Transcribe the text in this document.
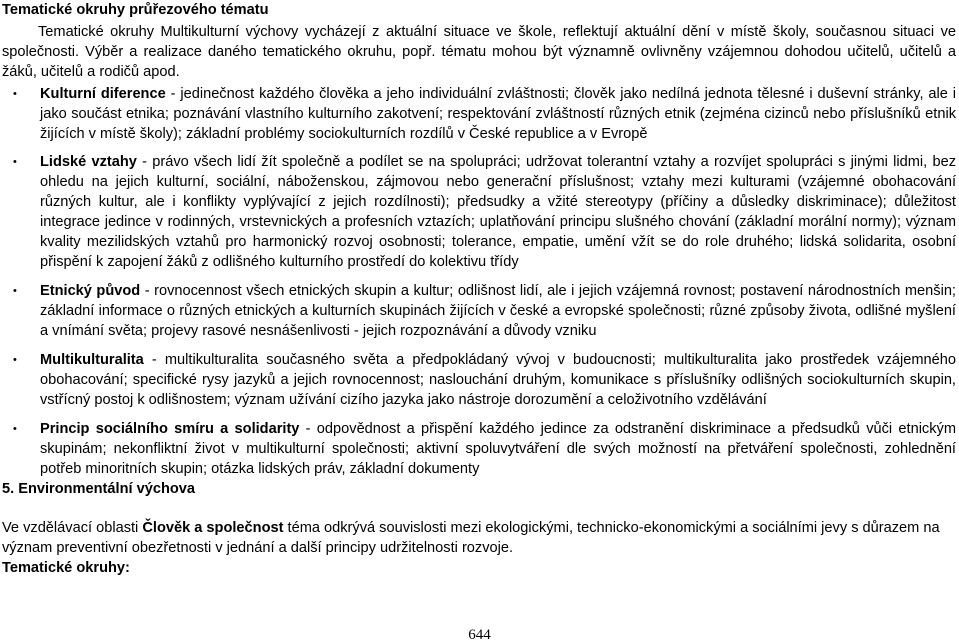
Tematické okruhy průřezového tématu

Tematické okruhy Multikulturní výchovy vycházejí z aktuální situace ve škole, reflektují aktuální dění v místě školy, současnou situaci ve společnosti. Výběr a realizace daného tematického okruhu, popř. tématu mohou být významně ovlivněny vzájemnou dohodou učitelů, učitelů a žáků, učitelů a rodičů apod.

• Kulturní diference - jedinečnost každého člověka a jeho individuální zvláštnosti; člověk jako nedílná jednota tělesné i duševní stránky, ale i jako součást etnika; poznávání vlastního kulturního zakotvení; respektování zvláštností různých etnik (zejména cizinců nebo příslušníků etnik žijících v místě školy); základní problémy sociokulturních rozdílů v České republice a v Evropě
• Lidské vztahy - právo všech lidí žít společně a podílet se na spolupráci; udržovat tolerantní vztahy a rozvíjet spolupráci s jinými lidmi, bez ohledu na jejich kulturní, sociální, náboženskou, zájmovou nebo generační příslušnost; vztahy mezi kulturami (vzájemné obohacování různých kultur, ale i konflikty vyplývající z jejich rozdílnosti); předsudky a vžité stereotypy (příčiny a důsledky diskriminace); důležitost integrace jedince v rodinných, vrstevnických a profesních vztazích; uplatňování principu slušného chování (základní morální normy); význam kvality mezilidských vztahů pro harmonický rozvoj osobnosti; tolerance, empatie, umění vžít se do role druhého; lidská solidarita, osobní přispění k zapojení žáků z odlišného kulturního prostředí do kolektivu třídy
• Etnický původ - rovnocennost všech etnických skupin a kultur; odlišnost lidí, ale i jejich vzájemná rovnost; postavení národnostních menšin; základní informace o různých etnických a kulturních skupinách žijících v české a evropské společnosti; různé způsoby života, odlišné myšlení a vnímání světa; projevy rasové nesnášenlivosti - jejich rozpoznávání a důvody vzniku
• Multikulturalita - multikulturalita současného světa a předpokládaný vývoj v budoucnosti; multikulturalita jako prostředek vzájemného obohacování; specifické rysy jazyků a jejich rovnocennost; naslouchání druhým, komunikace s příslušníky odlišných sociokulturních skupin, vstřícný postoj k odlišnostem; význam užívání cizího jazyka jako nástroje dorozumění a celoživotního vzdělávání
• Princip sociálního smíru a solidarity - odpovědnost a přispění každého jedince za odstranění diskriminace a předsudků vůči etnickým skupinám; nekonfliktní život v multikulturní společnosti; aktivní spoluvytváření dle svých možností na přetváření společnosti, zohlednění potřeb minoritních skupin; otázka lidských práv, základní dokumenty
5. Environmentální výchova

Ve vzdělávací oblasti Člověk a společnost téma odkrývá souvislosti mezi ekologickými, technicko-ekonomickými a sociálními jevy s důrazem na význam preventivní obezřetnosti v jednání a další principy udržitelnosti rozvoje.

Tematické okruhy:

644
